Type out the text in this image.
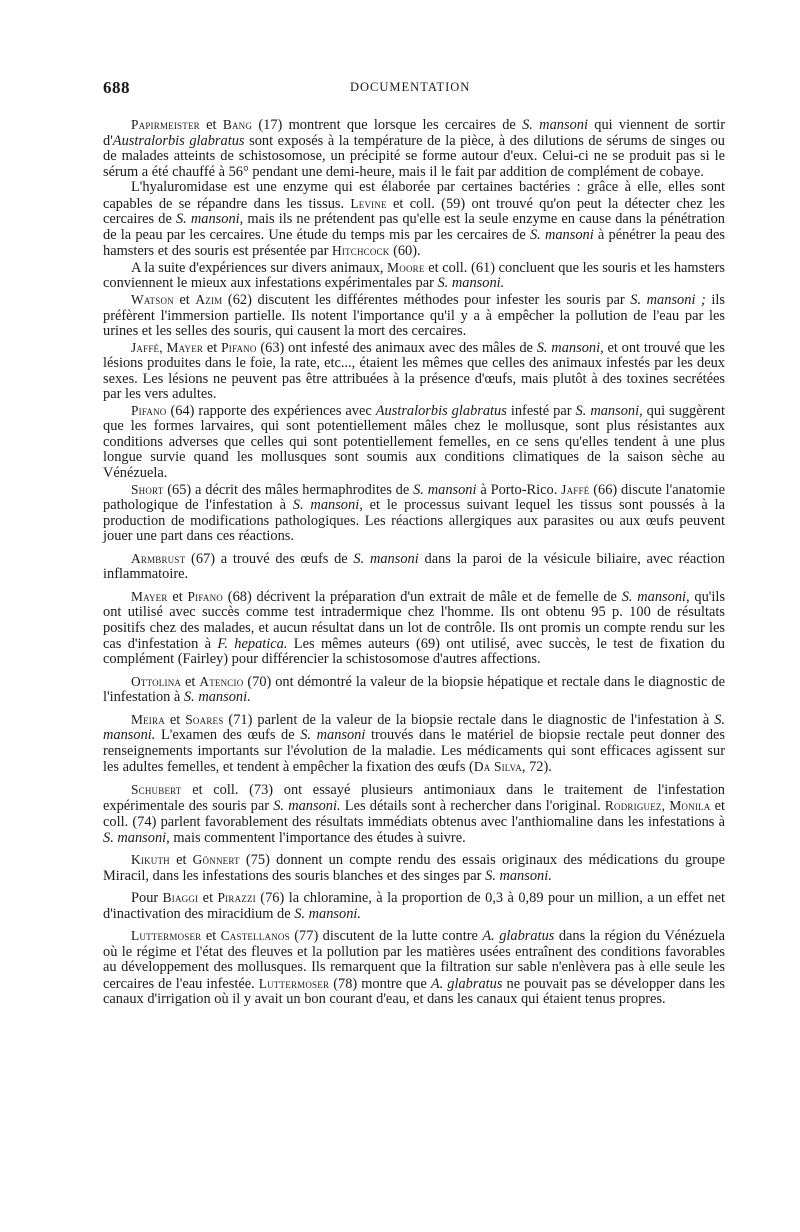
688	DOCUMENTATION

Papirmeister et Bang (17) montrent que lorsque les cercaires de S. mansoni qui viennent de sortir d'Australorbis glabratus sont exposés à la température de la pièce, à des dilutions de sérums de singes ou de malades atteints de schistosomose, un précipité se forme autour d'eux. Celui-ci ne se produit pas si le sérum a été chauffé à 56° pendant une demi-heure, mais il le fait par addition de complément de cobaye.

L'hyaluromidase est une enzyme qui est élaborée par certaines bactéries : grâce à elle, elles sont capables de se répandre dans les tissus. Levine et coll. (59) ont trouvé qu'on peut la détecter chez les cercaires de S. mansoni, mais ils ne prétendent pas qu'elle est la seule enzyme en cause dans la pénétration de la peau par les cercaires. Une étude du temps mis par les cercaires de S. mansoni à pénétrer la peau des hamsters et des souris est présentée par Hitchcock (60).

A la suite d'expériences sur divers animaux, Moore et coll. (61) concluent que les souris et les hamsters conviennent le mieux aux infestations expérimentales par S. mansoni.

Watson et Azim (62) discutent les différentes méthodes pour infester les souris par S. mansoni ; ils préfèrent l'immersion partielle. Ils notent l'importance qu'il y a à empêcher la pollution de l'eau par les urines et les selles des souris, qui causent la mort des cercaires.

Jaffé, Mayer et Pifano (63) ont infesté des animaux avec des mâles de S. mansoni, et ont trouvé que les lésions produites dans le foie, la rate, etc..., étaient les mêmes que celles des animaux infestés par les deux sexes. Les lésions ne peuvent pas être attribuées à la présence d'œufs, mais plutôt à des toxines secrétées par les vers adultes.

Pifano (64) rapporte des expériences avec Australorbis glabratus infesté par S. mansoni, qui suggèrent que les formes larvaires, qui sont potentiellement mâles chez le mollusque, sont plus résistantes aux conditions adverses que celles qui sont potentiellement femelles, en ce sens qu'elles tendent à une plus longue survie quand les mollusques sont soumis aux conditions climatiques de la saison sèche au Vénézuela.

Short (65) a décrit des mâles hermaphrodites de S. mansoni à Porto-Rico. Jaffé (66) discute l'anatomie pathologique de l'infestation à S. mansoni, et le processus suivant lequel les tissus sont poussés à la production de modifications pathologiques. Les réactions allergiques aux parasites ou aux œufs peuvent jouer une part dans ces réactions.

Armbrust (67) a trouvé des œufs de S. mansoni dans la paroi de la vésicule biliaire, avec réaction inflammatoire.

Mayer et Pifano (68) décrivent la préparation d'un extrait de mâle et de femelle de S. mansoni, qu'ils ont utilisé avec succès comme test intradermique chez l'homme. Ils ont obtenu 95 p. 100 de résultats positifs chez des malades, et aucun résultat dans un lot de contrôle. Ils ont promis un compte rendu sur les cas d'infestation à F. hepatica. Les mêmes auteurs (69) ont utilisé, avec succès, le test de fixation du complément (Fairley) pour différencier la schistosomose d'autres affections.

Ottolina et Atencio (70) ont démontré la valeur de la biopsie hépatique et rectale dans le diagnostic de l'infestation à S. mansoni.

Meira et Soares (71) parlent de la valeur de la biopsie rectale dans le diagnostic de l'infestation à S. mansoni. L'examen des œufs de S. mansoni trouvés dans le matériel de biopsie rectale peut donner des renseignements importants sur l'évolution de la maladie. Les médicaments qui sont efficaces agissent sur les adultes femelles, et tendent à empêcher la fixation des œufs (Da Silva, 72).

Schubert et coll. (73) ont essayé plusieurs antimoniaux dans le traitement de l'infestation expérimentale des souris par S. mansoni. Les détails sont à rechercher dans l'original. Rodriguez, Monila et coll. (74) parlent favorablement des résultats immédiats obtenus avec l'anthiomaline dans les infestations à S. mansoni, mais commentent l'importance des études à suivre.

Kikuth et Gönnert (75) donnent un compte rendu des essais originaux des médications du groupe Miracil, dans les infestations des souris blanches et des singes par S. mansoni.

Pour Biaggi et Pirazzi (76) la chloramine, à la proportion de 0,3 à 0,89 pour un million, a un effet net d'inactivation des miracidium de S. mansoni.

Luttermoser et Castellanos (77) discutent de la lutte contre A. glabratus dans la région du Vénézuela où le régime et l'état des fleuves et la pollution par les matières usées entraînent des conditions favorables au développement des mollusques. Ils remarquent que la filtration sur sable n'enlèvera pas à elle seule les cercaires de l'eau infestée. Luttermoser (78) montre que A. glabratus ne pouvait pas se développer dans les canaux d'irrigation où il y avait un bon courant d'eau, et dans les canaux qui étaient tenus propres.
